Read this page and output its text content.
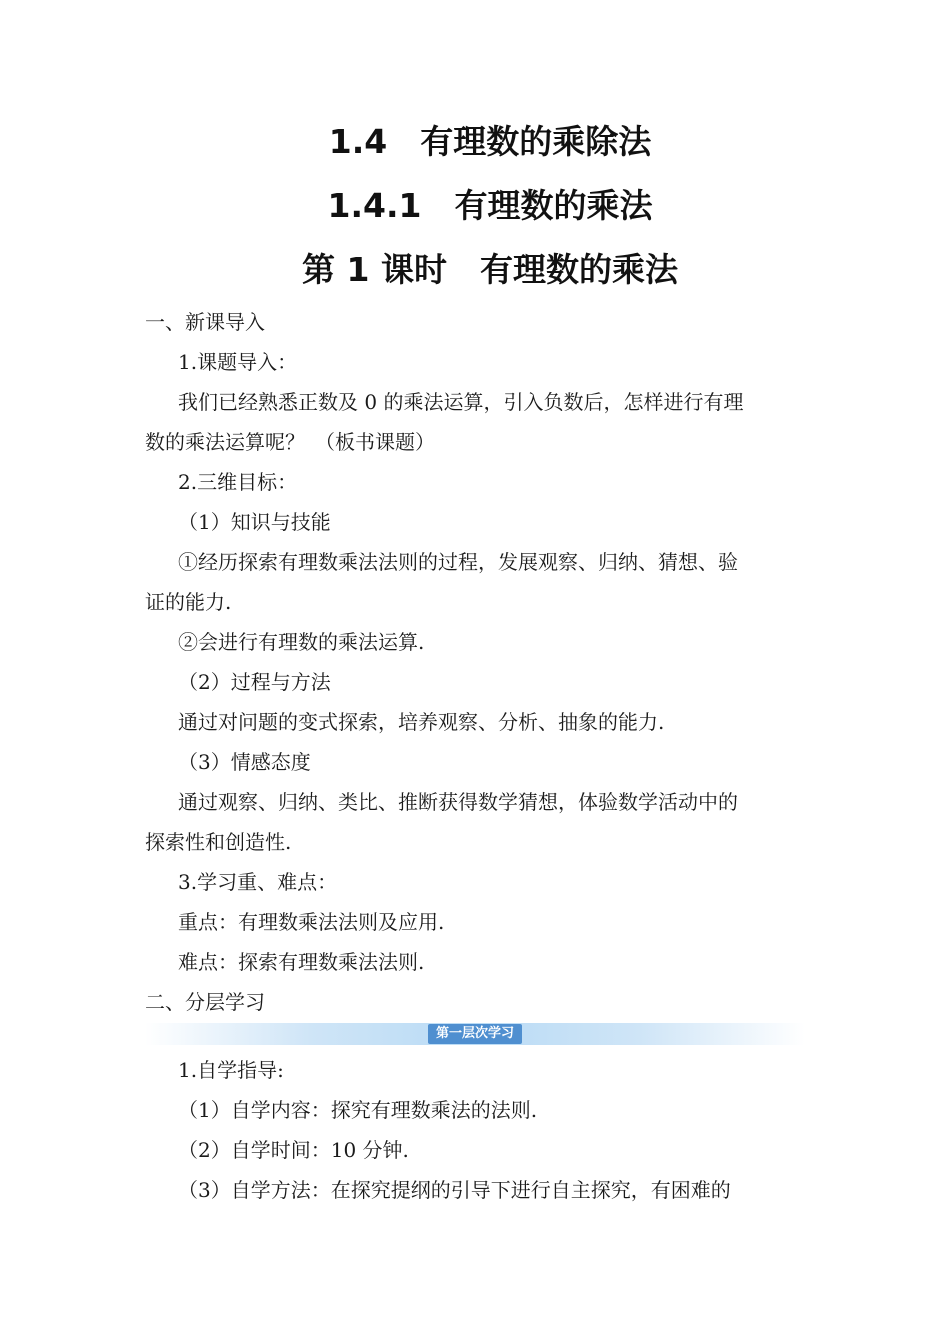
1.4　有理数的乘除法
1.4.1　有理数的乘法
第 1 课时　有理数的乘法
一、新课导入
1.课题导入：
我们已经熟悉正数及 0 的乘法运算，引入负数后，怎样进行有理
数的乘法运算呢？　（板书课题）
2.三维目标：
（1）知识与技能
①经历探索有理数乘法法则的过程，发展观察、归纳、猜想、验
证的能力.
②会进行有理数的乘法运算.
（2）过程与方法
通过对问题的变式探索，培养观察、分析、抽象的能力.
（3）情感态度
通过观察、归纳、类比、推断获得数学猜想，体验数学活动中的
探索性和创造性.
3.学习重、难点：
重点：有理数乘法法则及应用.
难点：探索有理数乘法法则.
二、分层学习
第一层次学习
1.自学指导:
（1）自学内容：探究有理数乘法的法则.
（2）自学时间：10 分钟.
（3）自学方法：在探究提纲的引导下进行自主探究，有困难的
